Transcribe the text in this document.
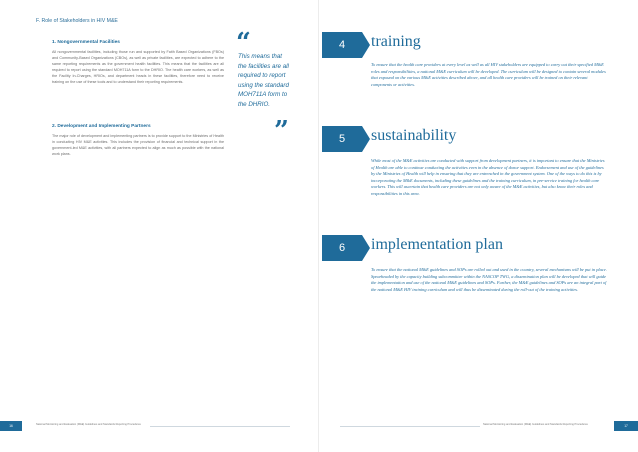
F. Role of Stakeholders in HIV M&E
1. Nongovernmental Facilities

All nongovernmental facilities, including those run and supported by Faith Based Organizations (FBOs) and Community-Based Organizations (CBOs), as well as private facilities, are expected to adhere to the same reporting requirements as the government health facilities. This means that the facilities are all required to report using the standard MOH711A form to the DHRIO. The health care workers, as well as the Facility In-Charges, HRIOs, and department heads in these facilities, therefore need to receive training on the use of these tools and to understand their reporting requirements.

2. Development and Implementing Partners

The major role of development and implementing partners is to provide support to the Ministries of Health in conducting HIV M&E activities. This includes the provision of financial and technical support in the government-led M&E activities, with all partners expected to align as much as possible with the national work plans.

“
This means that the facilities are all required to report using the standard MOH711A form to the DHRIO.
”
16	National Monitoring and Evaluation (M&E) Guidelines and Standards Reporting Procedures
4 training

To ensure that the health care providers at every level as well as all HIV stakeholders are equipped to carry out their specified M&E roles and responsibilities, a national M&E curriculum will be developed. The curriculum will be designed to contain several modules that expound on the various M&E activities described above, and all health care providers will be trained on their relevant components or activities.

5 sustainability

While most of the M&E activities are conducted with support from development partners, it is important to ensure that the Ministries of Health are able to continue conducting the activities even in the absence of donor support. Endorsement and use of the guidelines by the Ministries of Health will help in ensuring that they are entrenched in the government system. One of the ways to do this is by incorporating the M&E documents, including these guidelines and the training curriculum, in pre-service training for health care workers. This will ascertain that health care providers are not only aware of the M&E activities, but also know their roles and responsibilities in this area.

6 implementation plan

To ensure that the national M&E guidelines and SOPs are rolled out and used in the country, several mechanisms will be put in place. Spearheaded by the capacity building subcommittee within the NASCOP TWG, a dissemination plan will be developed that will guide the implementation and use of the national M&E guidelines and SOPs. Further, the M&E guidelines and SOPs are an integral part of the national M&E HIV training curriculum and will thus be disseminated during the roll-out of the training activities.

National Monitoring and Evaluation (M&E) Guidelines and Standards Reporting Procedures	17
